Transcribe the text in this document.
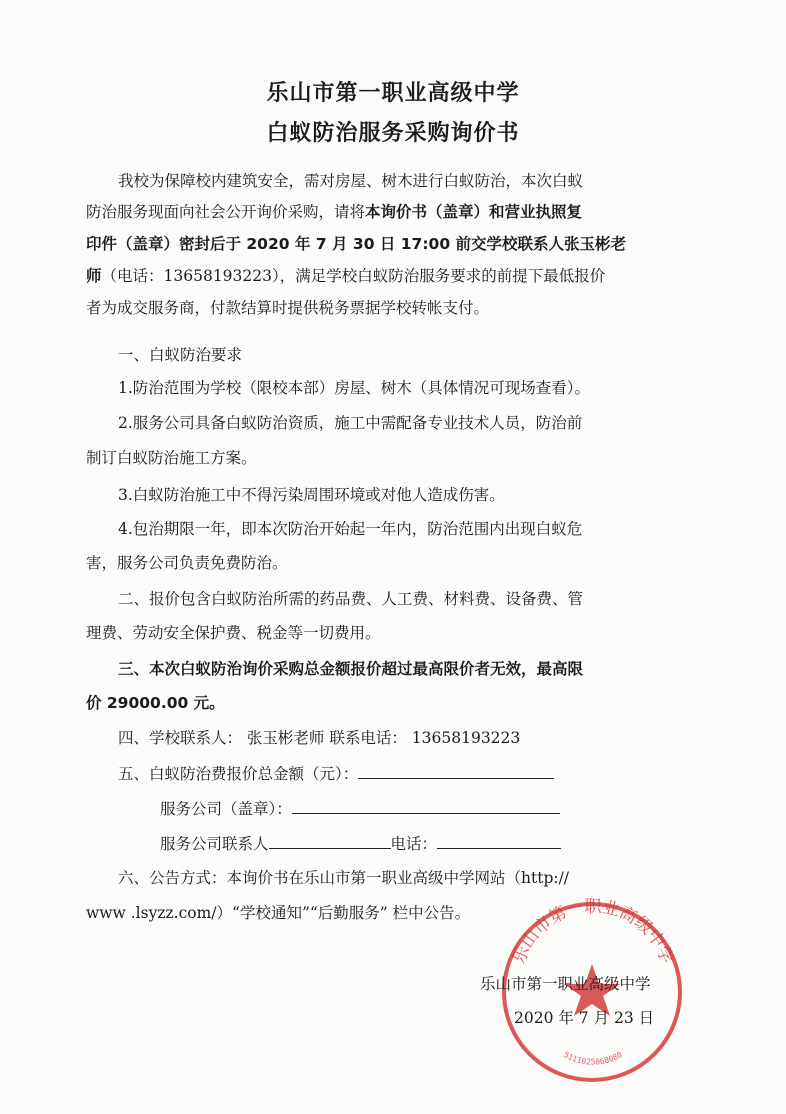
乐山市第一职业高级中学
白蚁防治服务采购询价书
我校为保障校内建筑安全，需对房屋、树木进行白蚁防治，本次白蚁
防治服务现面向社会公开询价采购，请将本询价书（盖章）和营业执照复
印件（盖章）密封后于 2020 年 7 月 30 日 17:00 前交学校联系人张玉彬老
师（电话：13658193223），满足学校白蚁防治服务要求的前提下最低报价
者为成交服务商，付款结算时提供税务票据学校转帐支付。
一、白蚁防治要求
1.防治范围为学校（限校本部）房屋、树木（具体情况可现场查看）。
2.服务公司具备白蚁防治资质，施工中需配备专业技术人员，防治前
制订白蚁防治施工方案。
3.白蚁防治施工中不得污染周围环境或对他人造成伤害。
4.包治期限一年，即本次防治开始起一年内，防治范围内出现白蚁危
害，服务公司负责免费防治。
二、报价包含白蚁防治所需的药品费、人工费、材料费、设备费、管
理费、劳动安全保护费、税金等一切费用。
三、本次白蚁防治询价采购总金额报价超过最高限价者无效，最高限
价 29000.00 元。
四、学校联系人： 张玉彬老师 联系电话： 13658193223
五、白蚁防治费报价总金额（元）：
服务公司（盖章）：
服务公司联系人	电话：
六、公告方式：本询价书在乐山市第一职业高级中学网站（http://
www .lsyzz.com/）“学校通知”“后勤服务” 栏中公告。
乐山市第一职业高级中学
5111025068080
乐山市第一职业高级中学
2020 年 7 月 23 日
